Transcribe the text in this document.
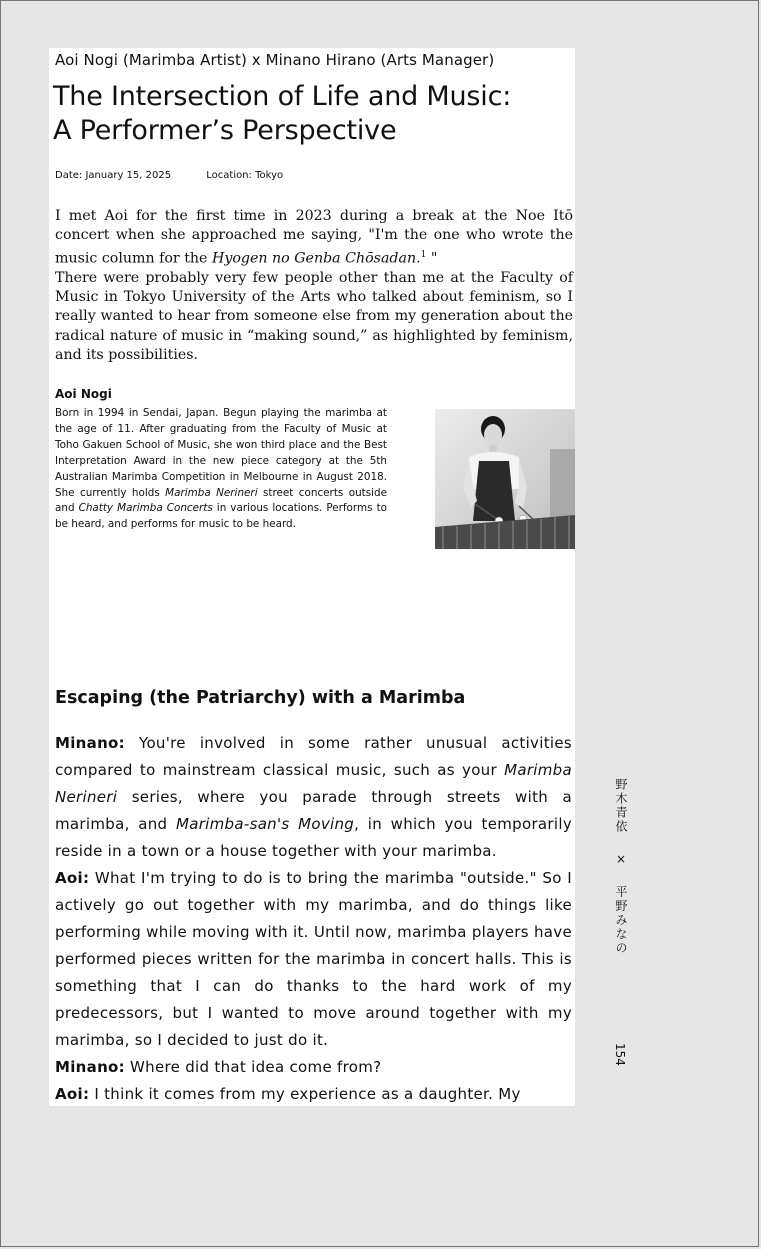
Aoi Nogi (Marimba Artist) x Minano Hirano (Arts Manager)
The Intersection of Life and Music:
A Performer’s Perspective
Date: January 15, 2025	Location: Tokyo

I met Aoi for the first time in 2023 during a break at the Noe Itō concert when she approached me saying, "I'm the one who wrote the music column for the Hyogen no Genba Chōsadan.$^1$ "

There were probably very few people other than me at the Faculty of Music in Tokyo University of the Arts who talked about feminism, so I really wanted to hear from someone else from my generation about the radical nature of music in “making sound,” as highlighted by feminism, and its possibilities.

Aoi Nogi

Born in 1994 in Sendai, Japan. Begun playing the marimba at the age of 11. After graduating from the Faculty of Music at Toho Gakuen School of Music, she won third place and the Best Interpretation Award in the new piece category at the 5th Australian Marimba Competition in Melbourne in August 2018. She currently holds Marimba Nerineri street concerts outside and Chatty Marimba Concerts in various locations. Performs to be heard, and performs for music to be heard.

Escaping (the Patriarchy) with a Marimba

Minano: You're involved in some rather unusual activities compared to mainstream classical music, such as your Marimba Nerineri series, where you parade through streets with a marimba, and Marimba-san's Moving, in which you temporarily reside in a town or a house together with your marimba.

Aoi: What I'm trying to do is to bring the marimba "outside." So I actively go out together with my marimba, and do things like performing while moving with it. Until now, marimba players have performed pieces written for the marimba in concert halls. This is something that I can do thanks to the hard work of my predecessors, but I wanted to move around together with my marimba, so I decided to just do it.

Minano: Where did that idea come from?

Aoi: I think it comes from my experience as a daughter. My

野木青依 × 平野みなの
154
